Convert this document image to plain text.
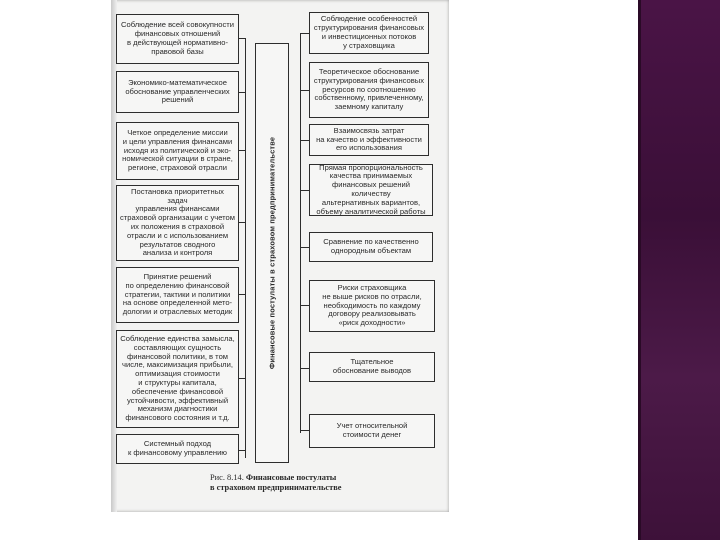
Финансовые постулаты в страховом предпринимательстве
Соблюдение всей совокупности
финансовых отношений
в действующей нормативно-
правовой базы
Экономико-математическое
обоснование управленческих
решений
Четкое определение миссии
и цели управления финансами
исходя из политической и эко-
номической ситуации в стране,
регионе, страховой отрасли
Постановка приоритетных задач
управления финансами
страховой организации с учетом
их положения в страховой
отрасли и с использованием
результатов сводного
анализа и контроля
Принятие решений
по определению финансовой
стратегии, тактики и политики
на основе определенной мето-
дологии и отраслевых методик
Соблюдение единства замысла,
составляющих сущность
финансовой политики, в том
числе, максимизация прибыли,
оптимизация стоимости
и структуры капитала,
обеспечение финансовой
устойчивости, эффективный
механизм диагностики
финансового состояния и т.д.
Системный подход
к финансовому управлению
Соблюдение особенностей
структурирования финансовых
и инвестиционных потоков
у страховщика
Теоретическое обоснование
структурирования финансовых
ресурсов по соотношению
собственному, привлеченному,
заемному капиталу
Взаимосвязь затрат
на качество и эффективности
его использования
Прямая пропорциональность
качества принимаемых
финансовых решений количеству
альтернативных вариантов,
объему аналитической работы
Сравнение по качественно
однородным объектам
Риски страховщика
не выше рисков по отрасли,
необходимость по каждому
договору реализовывать
«риск доходности»
Тщательное
обоснование выводов
Учет относительной
стоимости денег
Рис. 8.14. Финансовые постулаты
в страховом предпринимательстве
